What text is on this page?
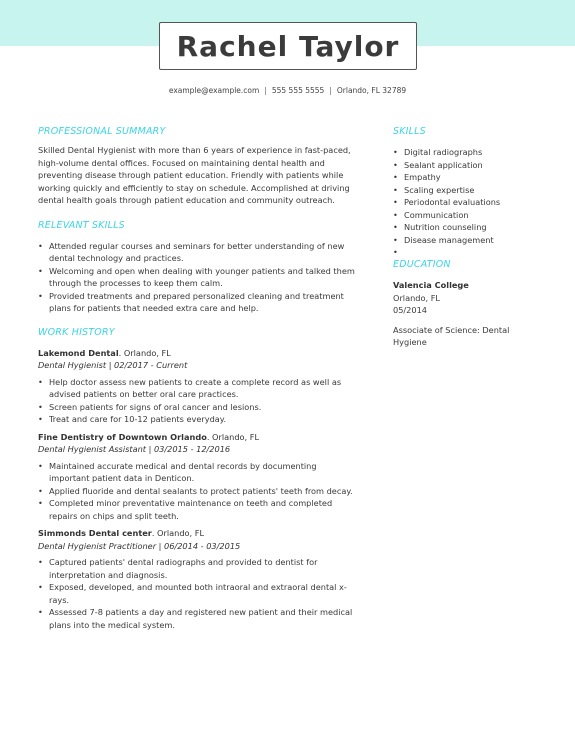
Rachel Taylor
example@example.com | 555 555 5555 | Orlando, FL 32789
PROFESSIONAL SUMMARY
Skilled Dental Hygienist with more than 6 years of experience in fast-paced, high-volume dental offices. Focused on maintaining dental health and preventing disease through patient education. Friendly with patients while working quickly and efficiently to stay on schedule. Accomplished at driving dental health goals through patient education and community outreach.
RELEVANT SKILLS
• Attended regular courses and seminars for better understanding of new dental technology and practices.
• Welcoming and open when dealing with younger patients and talked them through the processes to keep them calm.
• Provided treatments and prepared personalized cleaning and treatment plans for patients that needed extra care and help.
WORK HISTORY
Lakemond Dental. Orlando, FL
Dental Hygienist | 02/2017 - Current
• Help doctor assess new patients to create a complete record as well as advised patients on better oral care practices.
• Screen patients for signs of oral cancer and lesions.
• Treat and care for 10-12 patients everyday.
Fine Dentistry of Downtown Orlando. Orlando, FL
Dental Hygienist Assistant | 03/2015 - 12/2016
• Maintained accurate medical and dental records by documenting important patient data in Denticon.
• Applied fluoride and dental sealants to protect patients' teeth from decay.
• Completed minor preventative maintenance on teeth and completed repairs on chips and split teeth.
Simmonds Dental center. Orlando, FL
Dental Hygienist Practitioner | 06/2014 - 03/2015
• Captured patients' dental radiographs and provided to dentist for interpretation and diagnosis.
• Exposed, developed, and mounted both intraoral and extraoral dental x-rays.
• Assessed 7-8 patients a day and registered new patient and their medical plans into the medical system.
SKILLS
• Digital radiographs
• Sealant application
• Empathy
• Scaling expertise
• Periodontal evaluations
• Communication
• Nutrition counseling
• Disease management
•
EDUCATION
Valencia College
Orlando, FL
05/2014
Associate of Science: Dental Hygiene
